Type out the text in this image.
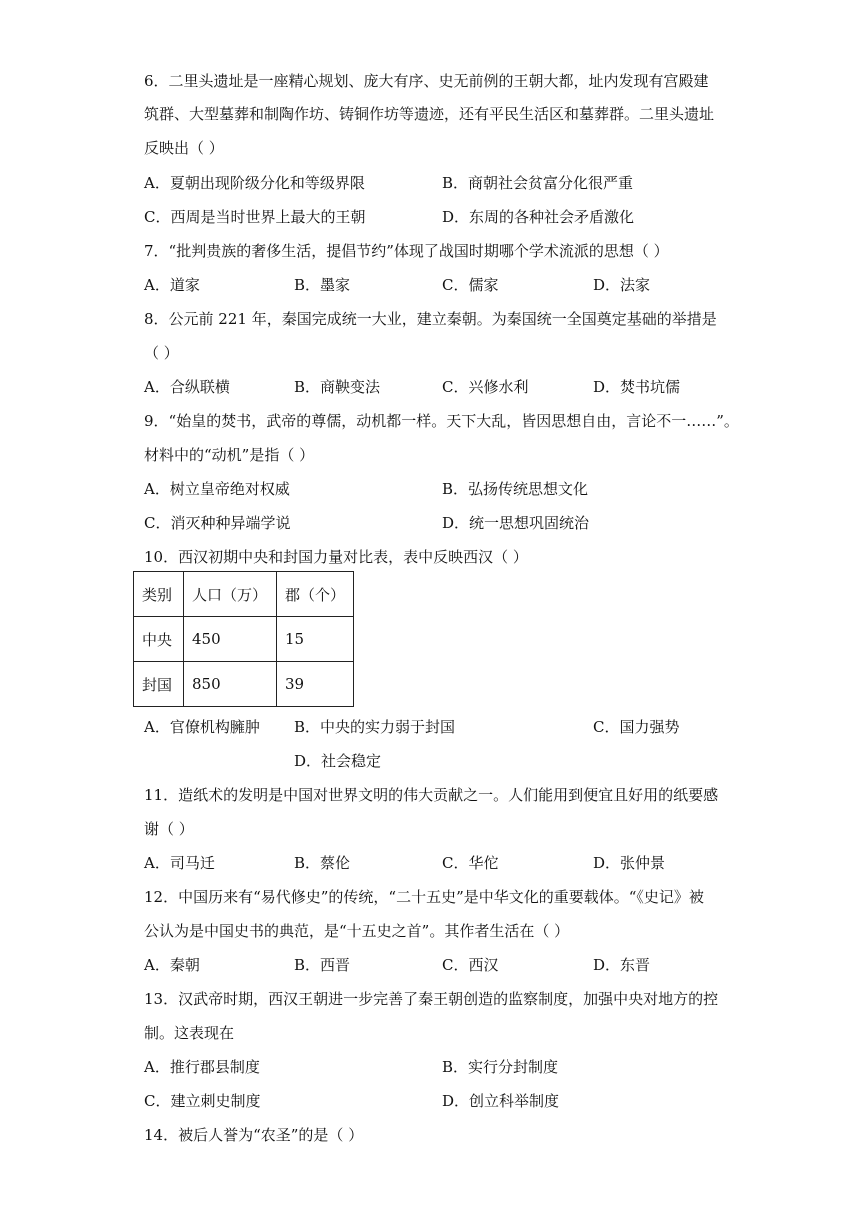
6．二里头遗址是一座精心规划、庞大有序、史无前例的王朝大都，址内发现有宫殿建
筑群、大型墓葬和制陶作坊、铸铜作坊等遗迹，还有平民生活区和墓葬群。二里头遗址
反映出（ ）
A．夏朝出现阶级分化和等级界限	B．商朝社会贫富分化很严重
C．西周是当时世界上最大的王朝	D．东周的各种社会矛盾激化
7．“批判贵族的奢侈生活，提倡节约”体现了战国时期哪个学术流派的思想（ ）
A．道家	B．墨家	C．儒家	D．法家
8．公元前 221 年，秦国完成统一大业，建立秦朝。为秦国统一全国奠定基础的举措是
（ ）
A．合纵联横	B．商鞅变法	C．兴修水利	D．焚书坑儒
9．“始皇的焚书，武帝的尊儒，动机都一样。天下大乱，皆因思想自由，言论不一……”。
材料中的“动机”是指（ ）
A．树立皇帝绝对权威	B．弘扬传统思想文化
C．消灭种种异端学说	D．统一思想巩固统治
10．西汉初期中央和封国力量对比表，表中反映西汉（ ）
类别	人口（万）	郡（个）
中央	450	15
封国	850	39
A．官僚机构臃肿 B．中央的实力弱于封国	C．国力强势
D．社会稳定
11．造纸术的发明是中国对世界文明的伟大贡献之一。人们能用到便宜且好用的纸要感
谢（ ）
A．司马迁	B．蔡伦	C．华佗	D．张仲景
12．中国历来有“易代修史”的传统，“二十五史”是中华文化的重要载体。“《史记》被
公认为是中国史书的典范，是“十五史之首”。其作者生活在（ ）
A．秦朝	B．西晋	C．西汉	D．东晋
13．汉武帝时期，西汉王朝进一步完善了秦王朝创造的监察制度，加强中央对地方的控
制。这表现在
A．推行郡县制度	B．实行分封制度
C．建立刺史制度	D．创立科举制度
14．被后人誉为“农圣”的是（ ）
